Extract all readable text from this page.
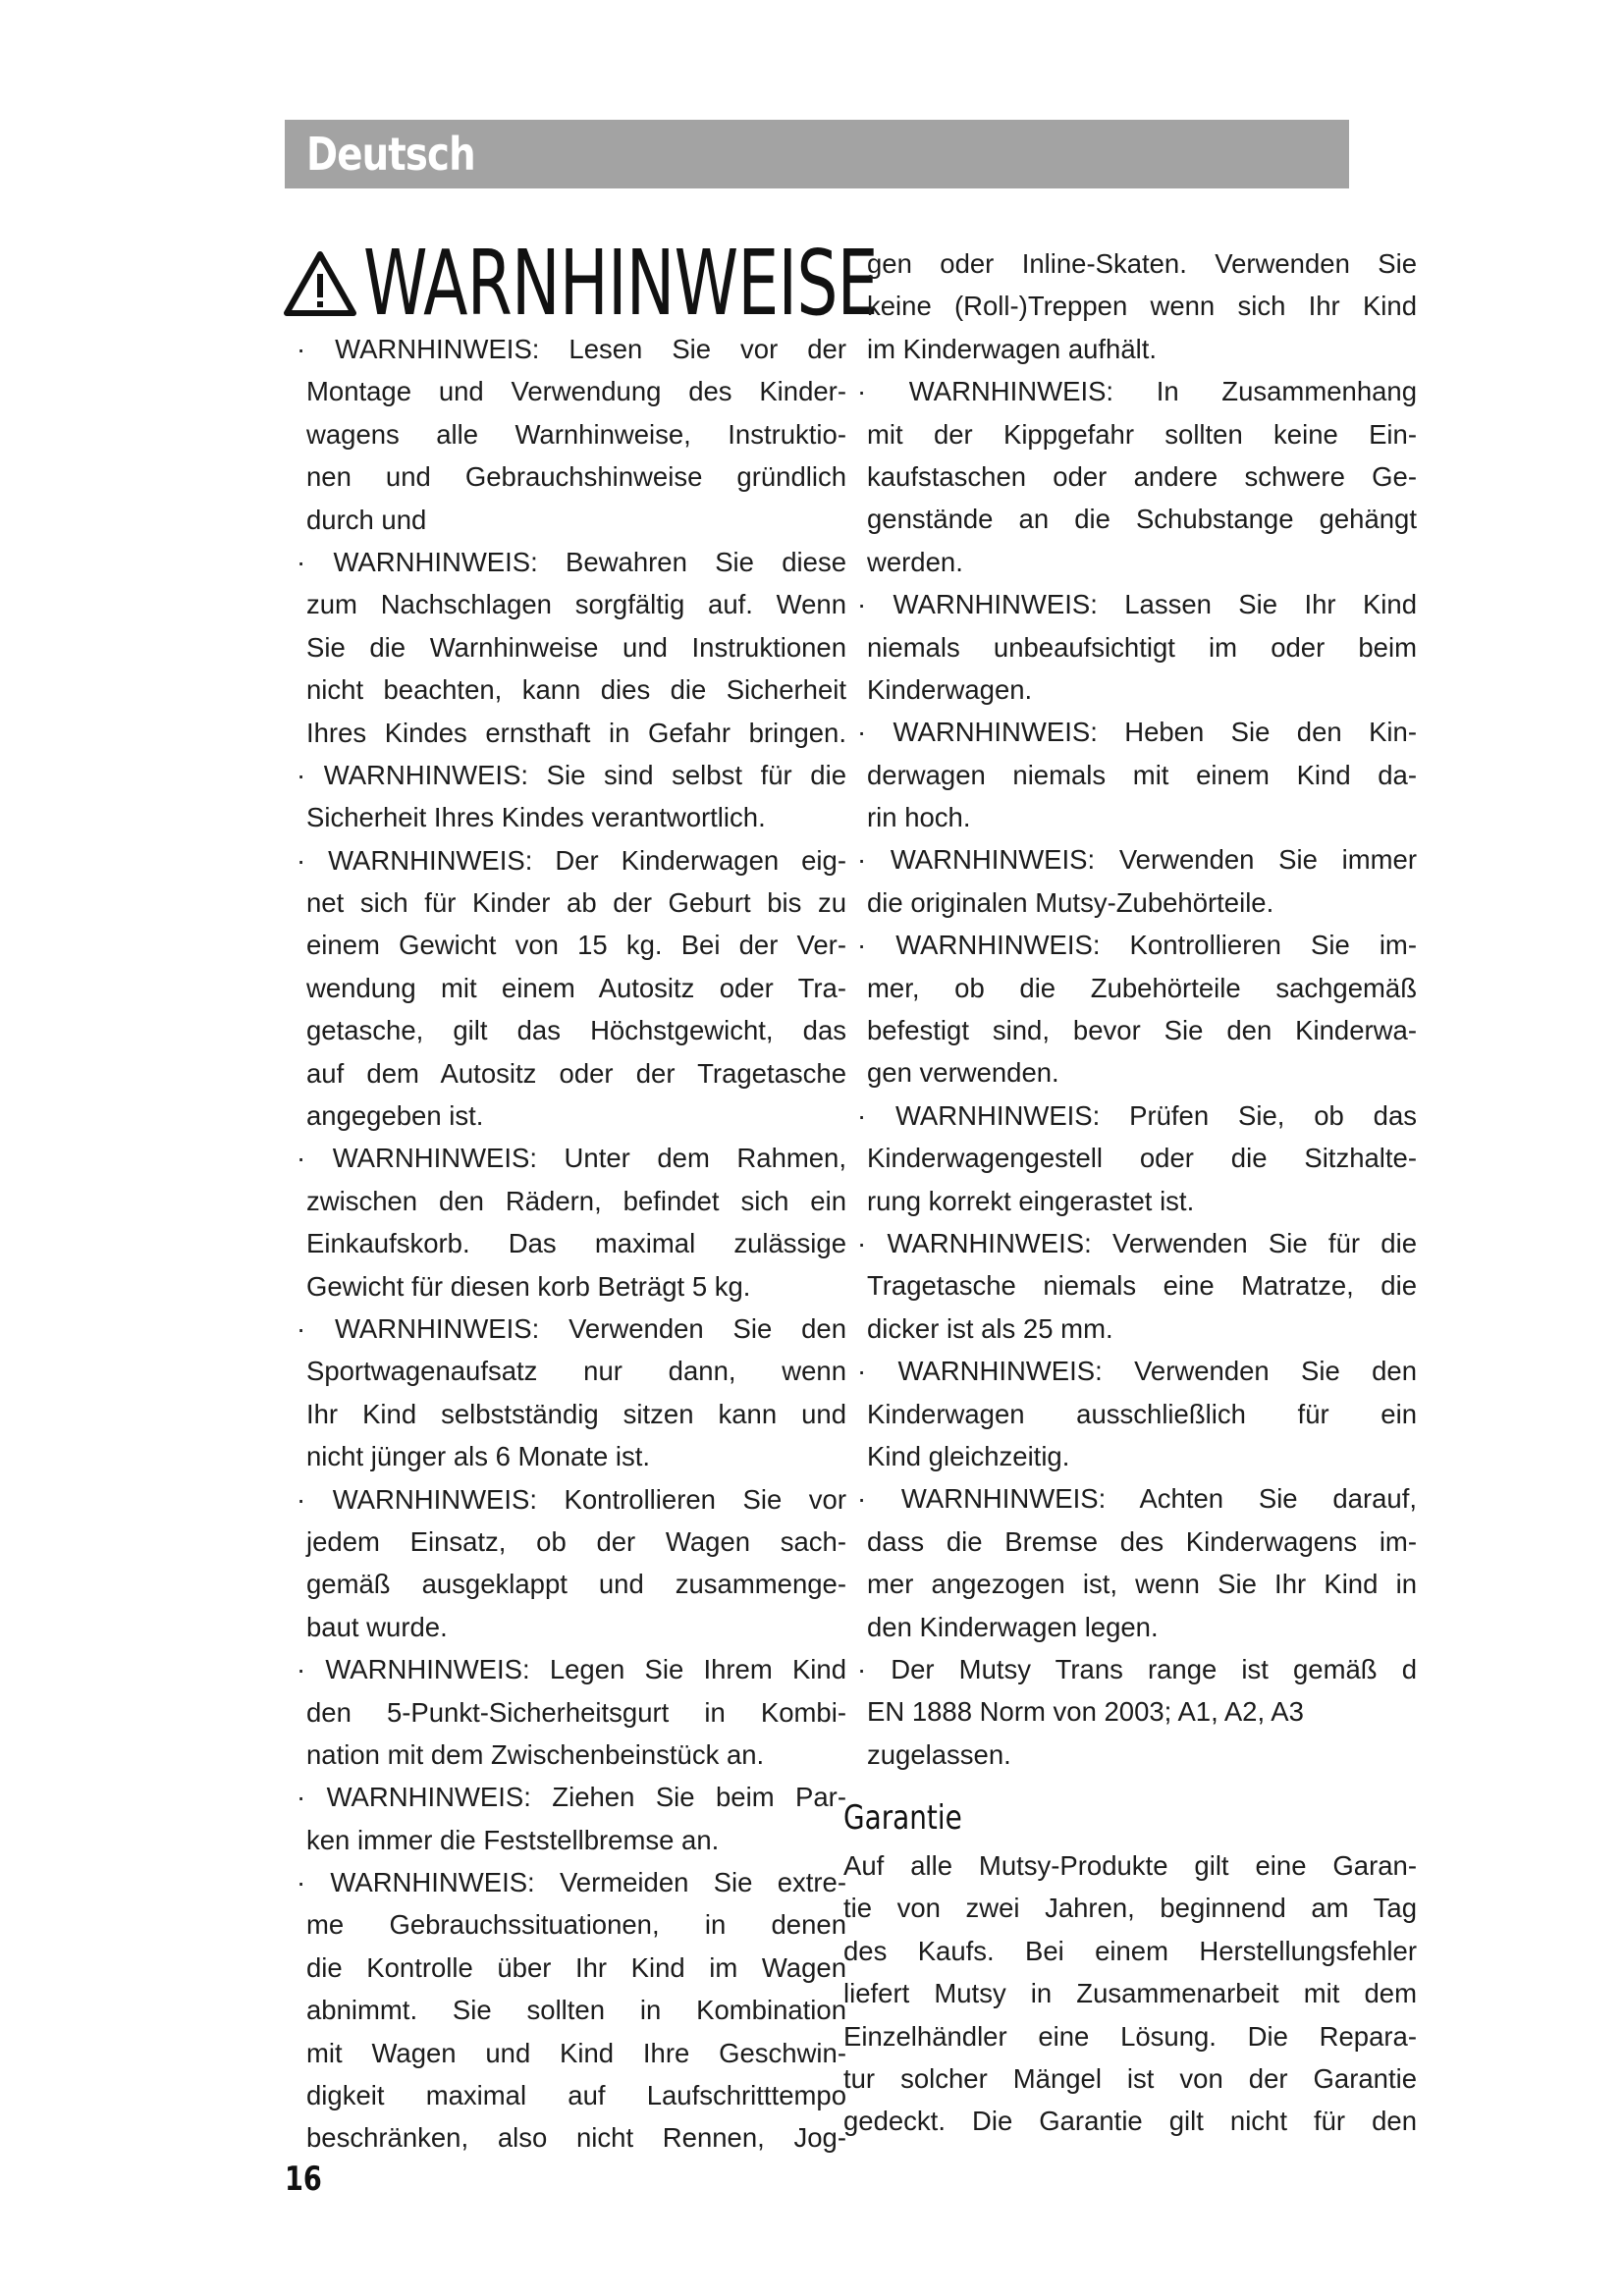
Deutsch
WARNHINWEISE
· WARNHINWEIS: Lesen Sie vor der
Montage und Verwendung des Kinder-
wagens alle Warnhinweise, Instruktio-
nen und Gebrauchshinweise gründlich
durch und
· WARNHINWEIS: Bewahren Sie diese
zum Nachschlagen sorgfältig auf. Wenn
Sie die Warnhinweise und Instruktionen
nicht beachten, kann dies die Sicherheit
Ihres Kindes ernsthaft in Gefahr bringen.
· WARNHINWEIS: Sie sind selbst für die
Sicherheit Ihres Kindes verantwortlich.
· WARNHINWEIS: Der Kinderwagen eig-
net sich für Kinder ab der Geburt bis zu
einem Gewicht von 15 kg. Bei der Ver-
wendung mit einem Autositz oder Tra-
getasche, gilt das Höchstgewicht, das
auf dem Autositz oder der Tragetasche
angegeben ist.
· WARNHINWEIS: Unter dem Rahmen,
zwischen den Rädern, befindet sich ein
Einkaufskorb. Das maximal zulässige
Gewicht für diesen korb Beträgt 5 kg.
· WARNHINWEIS: Verwenden Sie den
Sportwagenaufsatz nur dann, wenn
Ihr Kind selbstständig sitzen kann und
nicht jünger als 6 Monate ist.
· WARNHINWEIS: Kontrollieren Sie vor
jedem Einsatz, ob der Wagen sach-
gemäß ausgeklappt und zusammenge-
baut wurde.
· WARNHINWEIS: Legen Sie Ihrem Kind
den 5-Punkt-Sicherheitsgurt in Kombi-
nation mit dem Zwischenbeinstück an.
· WARNHINWEIS: Ziehen Sie beim Par-
ken immer die Feststellbremse an.
· WARNHINWEIS: Vermeiden Sie extre-
me Gebrauchssituationen, in denen
die Kontrolle über Ihr Kind im Wagen
abnimmt. Sie sollten in Kombination
mit Wagen und Kind Ihre Geschwin-
digkeit maximal auf Laufschritttempo
beschränken, also nicht Rennen, Jog-
gen oder Inline-Skaten. Verwenden Sie
keine (Roll-)Treppen wenn sich Ihr Kind
im Kinderwagen aufhält.
· WARNHINWEIS: In Zusammenhang
mit der Kippgefahr sollten keine Ein-
kaufstaschen oder andere schwere Ge-
genstände an die Schubstange gehängt
werden.
· WARNHINWEIS: Lassen Sie Ihr Kind
niemals unbeaufsichtigt im oder beim
Kinderwagen.
· WARNHINWEIS: Heben Sie den Kin-
derwagen niemals mit einem Kind da-
rin hoch.
· WARNHINWEIS: Verwenden Sie immer
die originalen Mutsy-Zubehörteile.
· WARNHINWEIS: Kontrollieren Sie im-
mer, ob die Zubehörteile sachgemäß
befestigt sind, bevor Sie den Kinderwa-
gen verwenden.
· WARNHINWEIS: Prüfen Sie, ob das
Kinderwagengestell oder die Sitzhalte-
rung korrekt eingerastet ist.
· WARNHINWEIS: Verwenden Sie für die
Tragetasche niemals eine Matratze, die
dicker ist als 25 mm.
· WARNHINWEIS: Verwenden Sie den
Kinderwagen ausschließlich für ein
Kind gleichzeitig.
· WARNHINWEIS: Achten Sie darauf,
dass die Bremse des Kinderwagens im-
mer angezogen ist, wenn Sie Ihr Kind in
den Kinderwagen legen.
· Der Mutsy Trans range ist gemäß d
EN 1888 Norm von 2003; A1, A2, A3
zugelassen.
Garantie
Auf alle Mutsy-Produkte gilt eine Garan-
tie von zwei Jahren, beginnend am Tag
des Kaufs. Bei einem Herstellungsfehler
liefert Mutsy in Zusammenarbeit mit dem
Einzelhändler eine Lösung. Die Repara-
tur solcher Mängel ist von der Garantie
gedeckt. Die Garantie gilt nicht für den
16
